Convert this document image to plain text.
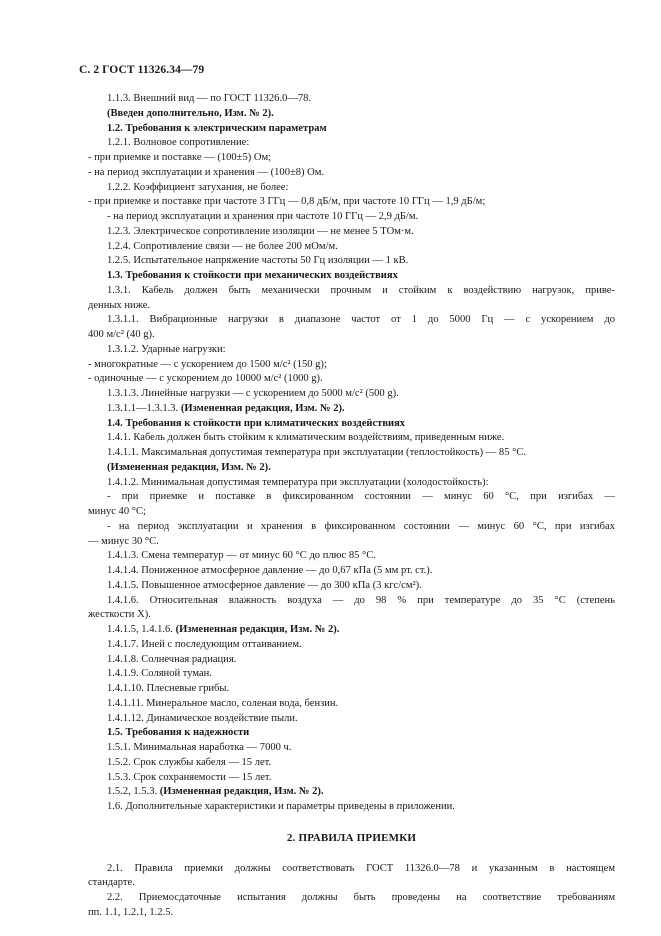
С. 2 ГОСТ 11326.34—79
1.1.3. Внешний вид — по ГОСТ 11326.0—78.
(Введен дополнительно, Изм. № 2).
1.2. Требования к электрическим параметрам
1.2.1. Волновое сопротивление:
- при приемке и поставке — (100±5) Ом;
- на период эксплуатации и хранения — (100±8) Ом.
1.2.2. Коэффициент затухания, не более:
- при приемке и поставке при частоте 3 ГГц — 0,8 дБ/м, при частоте 10 ГГц — 1,9 дБ/м;
- на период эксплуатации и хранения при частоте 10 ГГц — 2,9 дБ/м.
1.2.3. Электрическое сопротивление изоляции — не менее 5 ТОм·м.
1.2.4. Сопротивление связи — не более 200 мОм/м.
1.2.5. Испытательное напряжение частоты 50 Гц изоляции — 1 кВ.
1.3. Требования к стойкости при механических воздействиях
1.3.1. Кабель должен быть механически прочным и стойким к воздействию нагрузок, приве-
денных ниже.
1.3.1.1. Вибрационные нагрузки в диапазоне частот от 1 до 5000 Гц — с ускорением до
400 м/с² (40 g).
1.3.1.2. Ударные нагрузки:
- многократные — с ускорением до 1500 м/с² (150 g);
- одиночные — с ускорением до 10000 м/с² (1000 g).
1.3.1.3. Линейные нагрузки — с ускорением до 5000 м/с² (500 g).
1.3.1.1—1.3.1.3. (Измененная редакция, Изм. № 2).
1.4. Требования к стойкости при климатических воздействиях
1.4.1. Кабель должен быть стойким к климатическим воздействиям, приведенным ниже.
1.4.1.1. Максимальная допустимая температура при эксплуатации (теплостойкость) — 85 °С.
(Измененная редакция, Изм. № 2).
1.4.1.2. Минимальная допустимая температура при эксплуатации (холодостойкость):
- при приемке и поставке в фиксированном состоянии — минус 60 °С, при изгибах —
минус 40 °С;
- на период эксплуатации и хранения в фиксированном состоянии — минус 60 °С, при изгибах
— минус 30 °С.
1.4.1.3. Смена температур — от минус 60 °С до плюс 85 °С.
1.4.1.4. Пониженное атмосферное давление — до 0,67 кПа (5 мм рт. ст.).
1.4.1.5. Повышенное атмосферное давление — до 300 кПа (3 кгс/см²).
1.4.1.6. Относительная влажность воздуха — до 98 % при температуре до 35 °С (степень
жесткости Х).
1.4.1.5, 1.4.1.6. (Измененная редакция, Изм. № 2).
1.4.1.7. Иней с последующим оттаиванием.
1.4.1.8. Солнечная радиация.
1.4.1.9. Соляной туман.
1.4.1.10. Плесневые грибы.
1.4.1.11. Минеральное масло, соленая вода, бензин.
1.4.1.12. Динамическое воздействие пыли.
1.5. Требования к надежности
1.5.1. Минимальная наработка — 7000 ч.
1.5.2. Срок службы кабеля — 15 лет.
1.5.3. Срок сохраняемости — 15 лет.
1.5.2, 1.5.3. (Измененная редакция, Изм. № 2).
1.6. Дополнительные характеристики и параметры приведены в приложении.
2. ПРАВИЛА ПРИЕМКИ
2.1. Правила приемки должны соответствовать ГОСТ 11326.0—78 и указанным в настоящем
стандарте.
2.2. Приемосдаточные испытания должны быть проведены на соответствие требованиям
пп. 1.1, 1.2.1, 1.2.5.
